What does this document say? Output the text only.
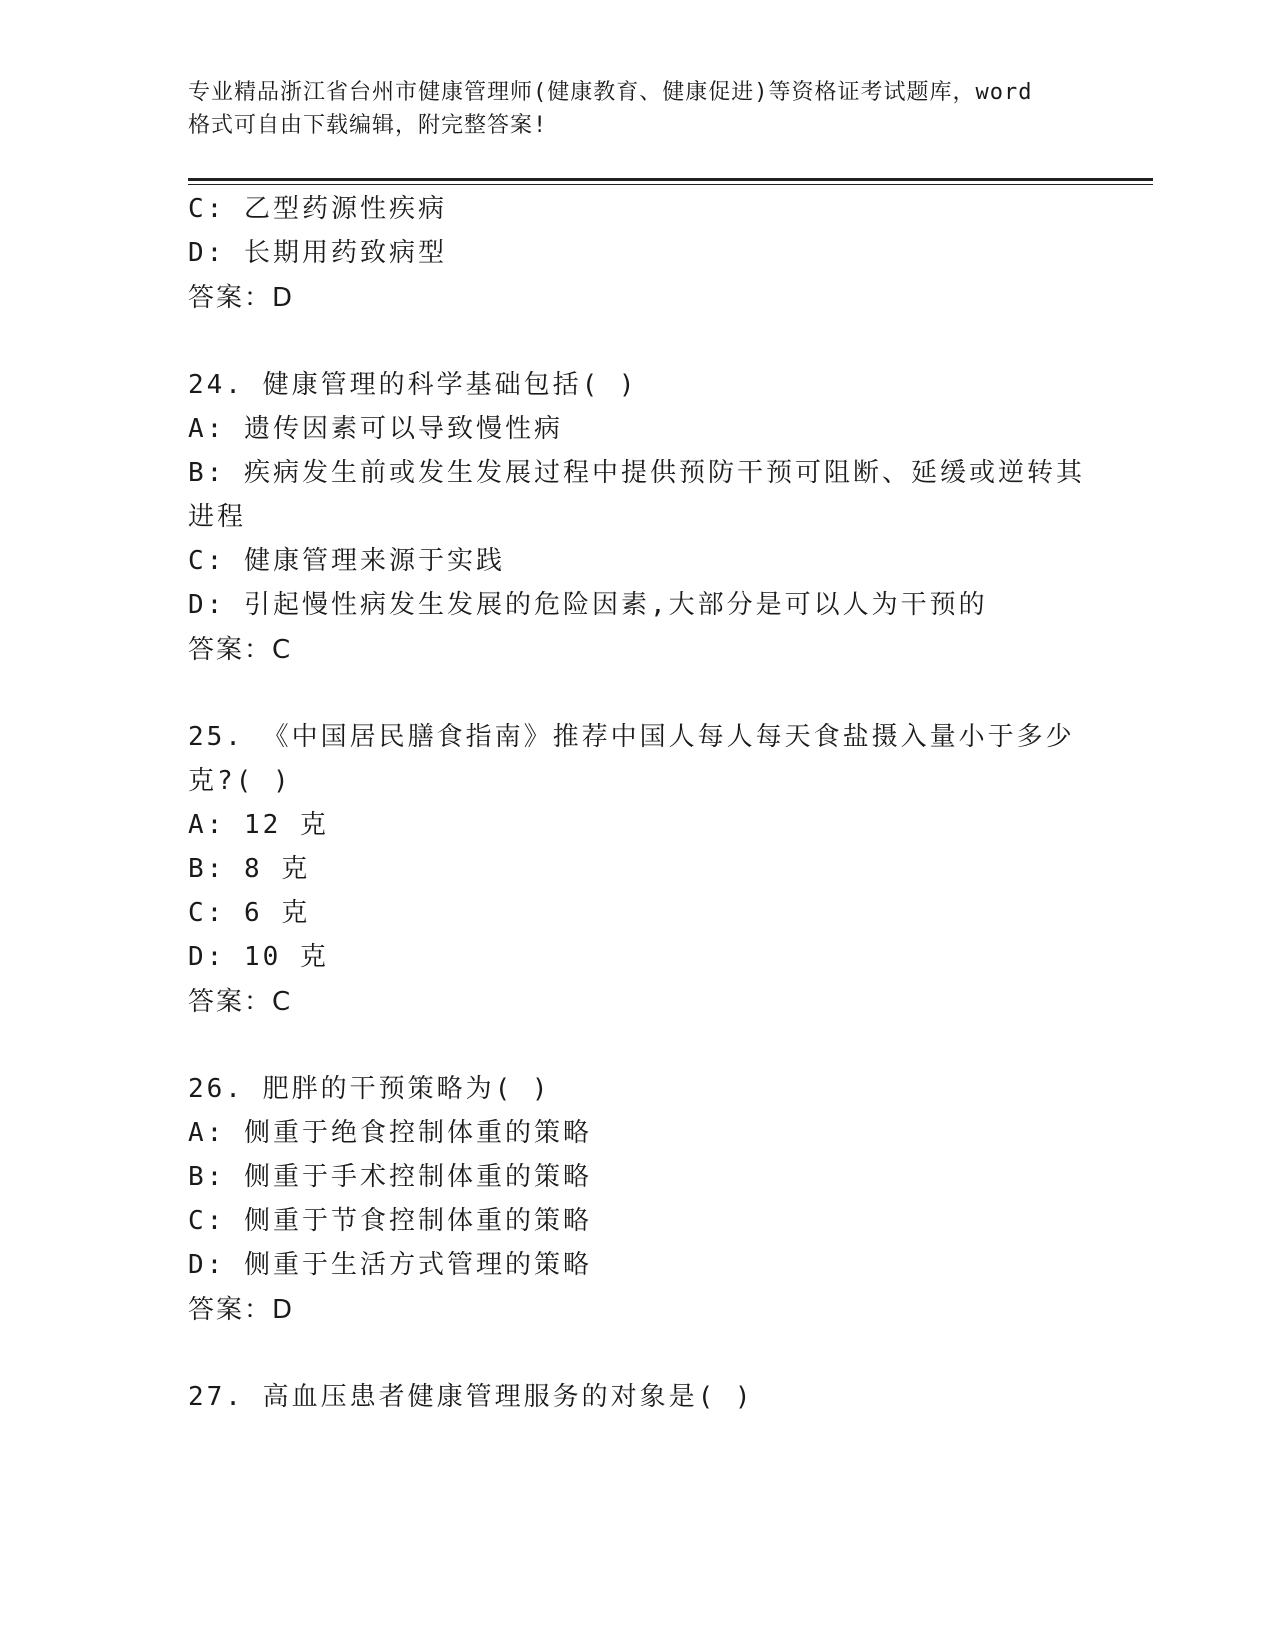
专业精品浙江省台州市健康管理师(健康教育、健康促进)等资格证考试题库，word
格式可自由下载编辑，附完整答案!
C: 乙型药源性疾病
D: 长期用药致病型
答案：D
24. 健康管理的科学基础包括( )
A: 遗传因素可以导致慢性病
B: 疾病发生前或发生发展过程中提供预防干预可阻断、延缓或逆转其
进程
C: 健康管理来源于实践
D: 引起慢性病发生发展的危险因素,大部分是可以人为干预的
答案：C
25. 《中国居民膳食指南》推荐中国人每人每天食盐摄入量小于多少
克?( )
A: 12 克
B: 8 克
C: 6 克
D: 10 克
答案：C
26. 肥胖的干预策略为( )
A: 侧重于绝食控制体重的策略
B: 侧重于手术控制体重的策略
C: 侧重于节食控制体重的策略
D: 侧重于生活方式管理的策略
答案：D
27. 高血压患者健康管理服务的对象是( )
